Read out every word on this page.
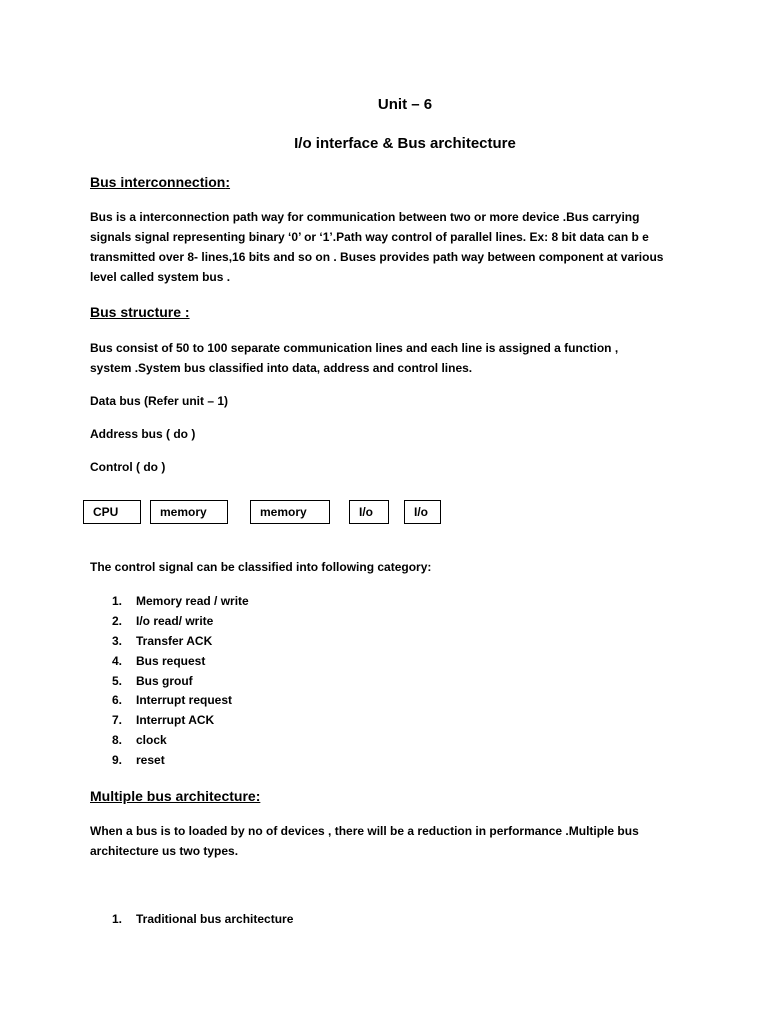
Unit – 6
I/o interface & Bus architecture
Bus interconnection:
Bus is a interconnection path way for communication between two or more device .Bus carrying signals signal representing binary ‘0’ or ‘1’.Path way control of parallel lines. Ex: 8 bit data can b e transmitted over 8- lines,16 bits and so on . Buses provides path way between component at various level called system bus .
Bus structure :
Bus consist of 50 to 100 separate communication lines and each line is assigned a function ,
system .System bus classified into data, address and control lines.
Data bus (Refer unit – 1)
Address bus ( do )
Control ( do )
CPU	memory	memory	I/o	I/o
The control signal can be classified into following category:
1. Memory read / write
2. I/o read/ write
3. Transfer ACK
4. Bus request
5. Bus grouf
6. Interrupt request
7. Interrupt ACK
8. clock
9. reset
Multiple bus architecture:
When a bus is to loaded by no of devices , there will be a reduction in performance .Multiple bus architecture us two types.
1. Traditional bus architecture
